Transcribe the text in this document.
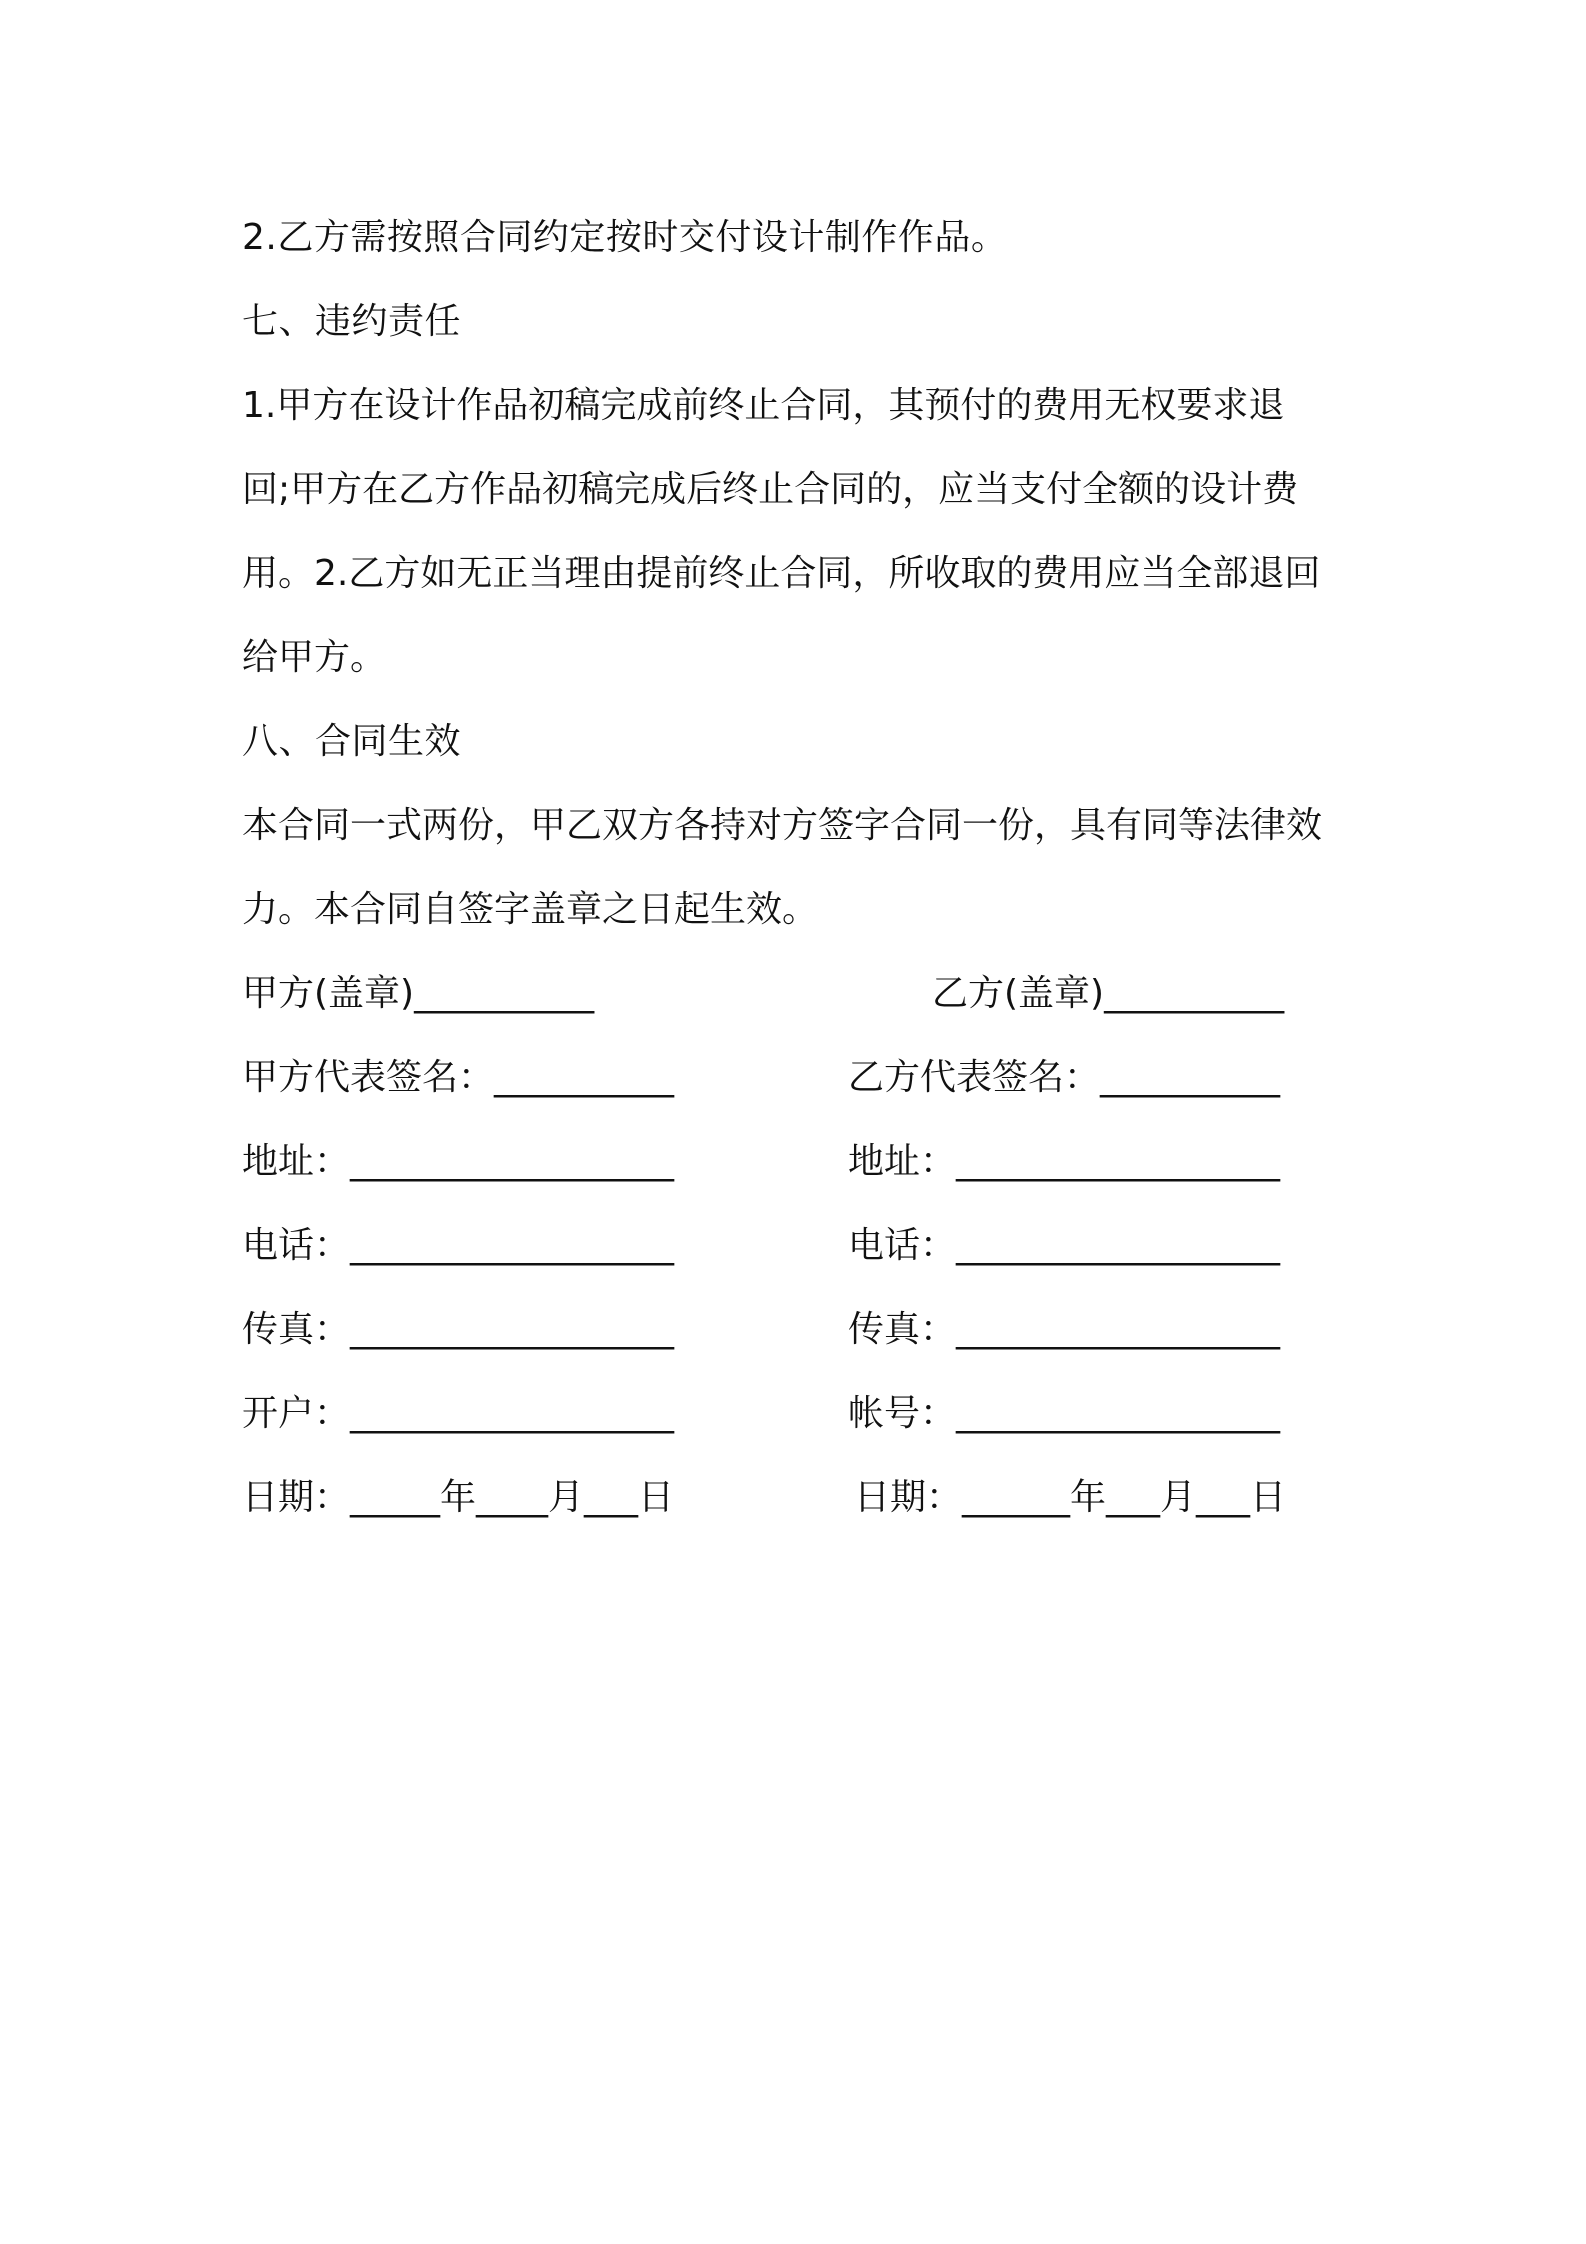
2.乙方需按照合同约定按时交付设计制作作品。
七、违约责任
1.甲方在设计作品初稿完成前终止合同，其预付的费用无权要求退
回;甲方在乙方作品初稿完成后终止合同的，应当支付全额的设计费
用。2.乙方如无正当理由提前终止合同，所收取的费用应当全部退回
给甲方。
八、合同生效
本合同一式两份，甲乙双方各持对方签字合同一份，具有同等法律效
力。本合同自签字盖章之日起生效。
甲方(盖章)__________	乙方(盖章)__________
甲方代表签名：__________	乙方代表签名：__________
地址：__________________	地址：__________________
电话：__________________	电话：__________________
传真：__________________	传真：__________________
开户：__________________	帐号：__________________
日期：_____年____月___日	日期：______年___月___日
